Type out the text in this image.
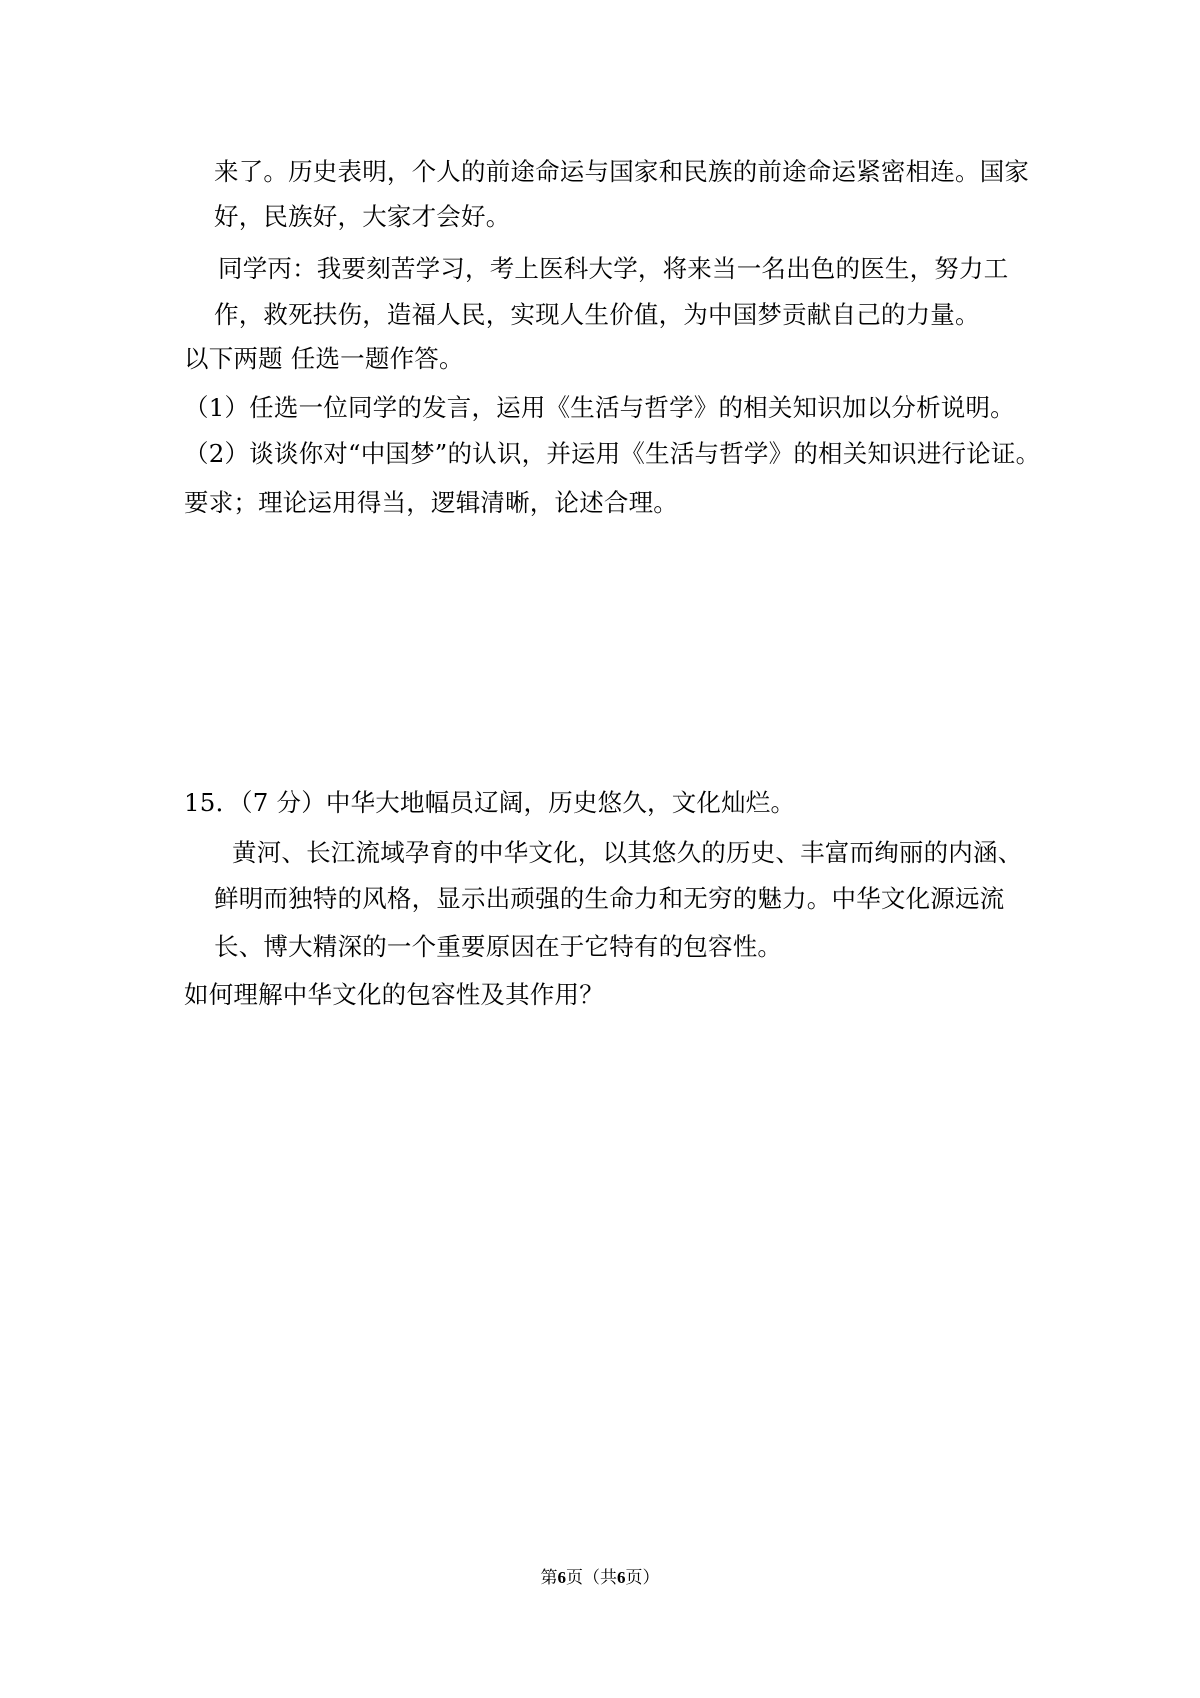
来了。历史表明，个人的前途命运与国家和民族的前途命运紧密相连。国家
好，民族好，大家才会好。
同学丙：我要刻苦学习，考上医科大学，将来当一名出色的医生，努力工
作，救死扶伤，造福人民，实现人生价值，为中国梦贡献自己的力量。
以下两题 任选一题作答。
（1）任选一位同学的发言，运用《生活与哲学》的相关知识加以分析说明。
（2）谈谈你对“中国梦”的认识，并运用《生活与哲学》的相关知识进行论证。
要求；理论运用得当，逻辑清晰，论述合理。
15．（7 分）中华大地幅员辽阔，历史悠久，文化灿烂。
黄河、长江流域孕育的中华文化，以其悠久的历史、丰富而绚丽的内涵、
鲜明而独特的风格，显示出顽强的生命力和无穷的魅力。中华文化源远流
长、博大精深的一个重要原因在于它特有的包容性。
如何理解中华文化的包容性及其作用？
第6页（共6页）
